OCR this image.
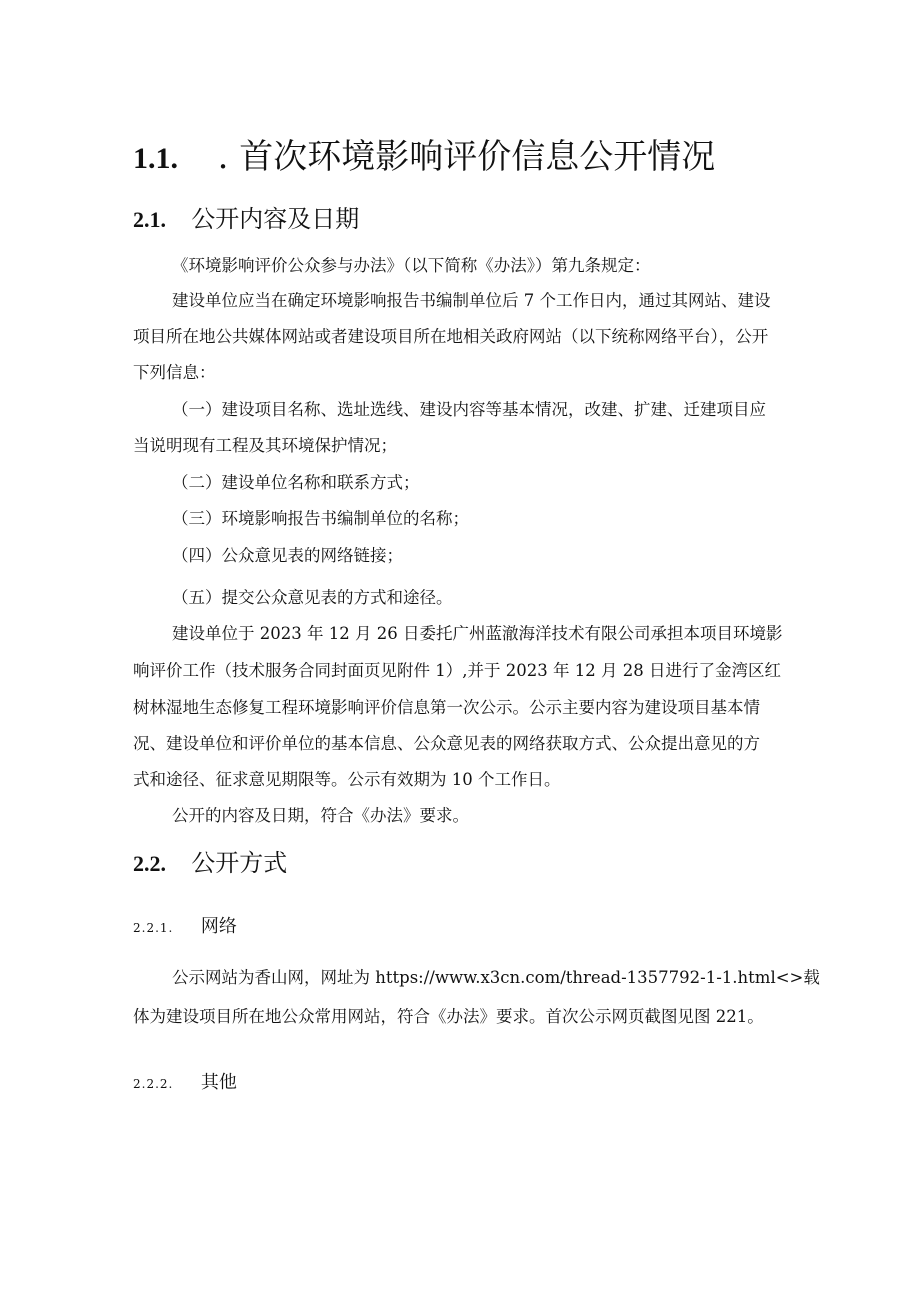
1.1. . 首次环境影响评价信息公开情况
2.1. 公开内容及日期
《环境影响评价公众参与办法》（以下简称《办法》）第九条规定：
建设单位应当在确定环境影响报告书编制单位后 7 个工作日内，通过其网站、建设
项目所在地公共媒体网站或者建设项目所在地相关政府网站（以下统称网络平台），公开
下列信息：
（一）建设项目名称、选址选线、建设内容等基本情况，改建、扩建、迁建项目应
当说明现有工程及其环境保护情况；
（二）建设单位名称和联系方式；
（三）环境影响报告书编制单位的名称；
（四）公众意见表的网络链接；
（五）提交公众意见表的方式和途径。
建设单位于 2023 年 12 月 26 日委托广州蓝澈海洋技术有限公司承担本项目环境影
响评价工作（技术服务合同封面页见附件 1）,并于 2023 年 12 月 28 日进行了金湾区红
树林湿地生态修复工程环境影响评价信息第一次公示。公示主要内容为建设项目基本情
况、建设单位和评价单位的基本信息、公众意见表的网络获取方式、公众提出意见的方
式和途径、征求意见期限等。公示有效期为 10 个工作日。
公开的内容及日期，符合《办法》要求。
2.2. 公开方式
2.2.1. 网络
公示网站为香山网，网址为 https://www.x3cn.com/thread-1357792-1-1.html<>载
体为建设项目所在地公众常用网站，符合《办法》要求。首次公示网页截图见图 221。
2.2.2. 其他
